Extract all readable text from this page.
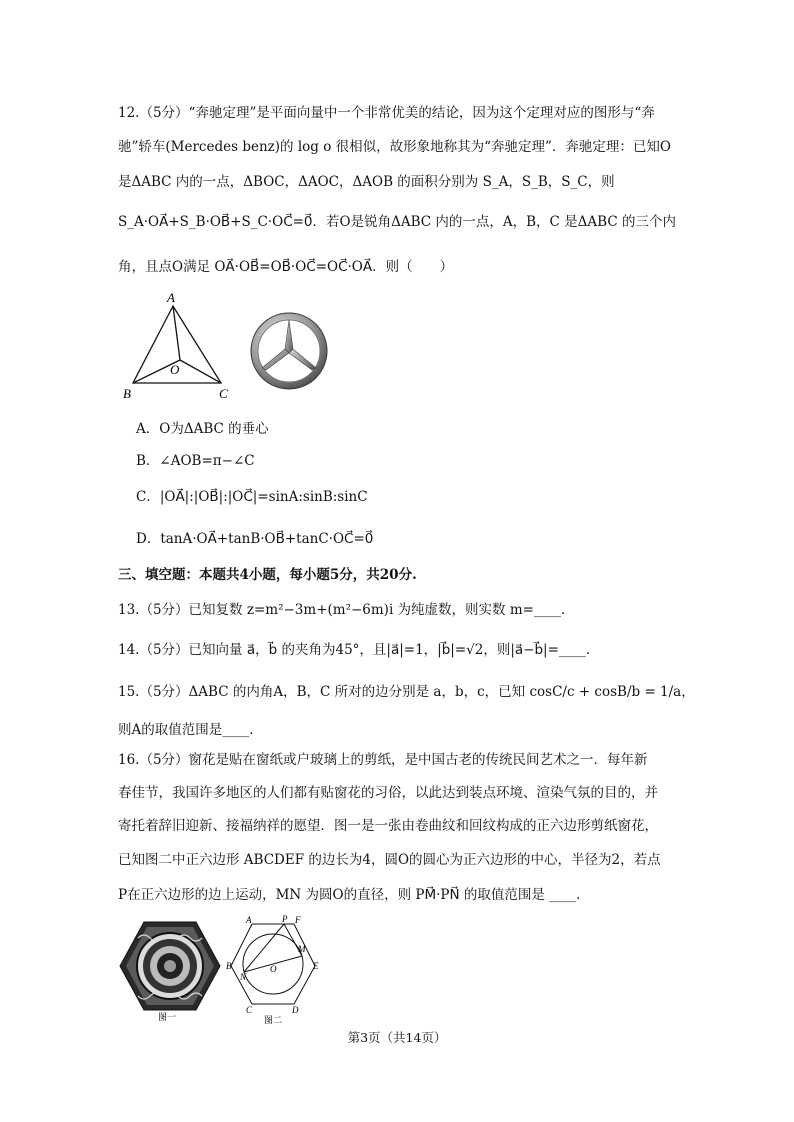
12.（5分）“奔驰定理”是平面向量中一个非常优美的结论，因为这个定理对应的图形与“奔
驰”轿车(Mercedes benz)的 log o 很相似，故形象地称其为“奔驰定理”．奔驰定理：已知O
是ΔABC 内的一点，ΔBOC，ΔAOC，ΔAOB 的面积分别为 S_A，S_B，S_C，则
S_A·OA⃗+S_B·OB⃗+S_C·OC⃗=0⃗．若O是锐角ΔABC 内的一点，A，B，C 是ΔABC 的三个内
角，且点O满足 OA⃗·OB⃗=OB⃗·OC⃗=OC⃗·OA⃗．则（　　）
A
B	C
O
A．O为ΔABC 的垂心
B．∠AOB=π−∠C
C．|OA⃗|:|OB⃗|:|OC⃗|=sinA:sinB:sinC
D．tanA·OA⃗+tanB·OB⃗+tanC·OC⃗=0⃗
三、填空题：本题共4小题，每小题5分，共20分.
13.（5分）已知复数 z=m²−3m+(m²−6m)i 为纯虚数，则实数 m=____．
14.（5分）已知向量 a⃗，b⃗ 的夹角为45°，且|a⃗|=1，|b⃗|=√2，则|a⃗−b⃗|=____．
15.（5分）ΔABC 的内角A，B，C 所对的边分别是 a，b，c，已知 cosC/c + cosB/b = 1/a，
则A的取值范围是____．
16.（5分）窗花是贴在窗纸或户玻璃上的剪纸，是中国古老的传统民间艺术之一．每年新
春佳节，我国许多地区的人们都有贴窗花的习俗，以此达到装点环境、渲染气氛的目的，并
寄托着辞旧迎新、接福纳祥的愿望．图一是一张由卷曲纹和回纹构成的正六边形剪纸窗花，
已知图二中正六边形 ABCDEF 的边长为4，圆O的圆心为正六边形的中心，半径为2，若点
P在正六边形的边上运动，MN 为圆O的直径，则 PM⃗·PN⃗ 的取值范围是 ____．
图一
A	P F
B
M
E
N
O
C	D
图二
第3页（共14页）
